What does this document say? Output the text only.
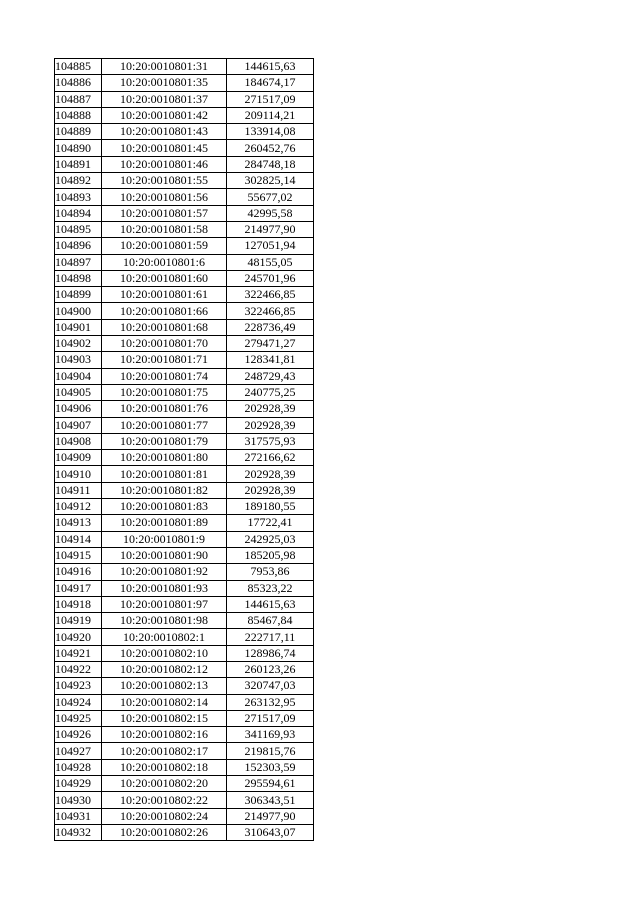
104885	10:20:0010801:31	144615,63
104886	10:20:0010801:35	184674,17
104887	10:20:0010801:37	271517,09
104888	10:20:0010801:42	209114,21
104889	10:20:0010801:43	133914,08
104890	10:20:0010801:45	260452,76
104891	10:20:0010801:46	284748,18
104892	10:20:0010801:55	302825,14
104893	10:20:0010801:56	55677,02
104894	10:20:0010801:57	42995,58
104895	10:20:0010801:58	214977,90
104896	10:20:0010801:59	127051,94
104897	10:20:0010801:6	48155,05
104898	10:20:0010801:60	245701,96
104899	10:20:0010801:61	322466,85
104900	10:20:0010801:66	322466,85
104901	10:20:0010801:68	228736,49
104902	10:20:0010801:70	279471,27
104903	10:20:0010801:71	128341,81
104904	10:20:0010801:74	248729,43
104905	10:20:0010801:75	240775,25
104906	10:20:0010801:76	202928,39
104907	10:20:0010801:77	202928,39
104908	10:20:0010801:79	317575,93
104909	10:20:0010801:80	272166,62
104910	10:20:0010801:81	202928,39
104911	10:20:0010801:82	202928,39
104912	10:20:0010801:83	189180,55
104913	10:20:0010801:89	17722,41
104914	10:20:0010801:9	242925,03
104915	10:20:0010801:90	185205,98
104916	10:20:0010801:92	7953,86
104917	10:20:0010801:93	85323,22
104918	10:20:0010801:97	144615,63
104919	10:20:0010801:98	85467,84
104920	10:20:0010802:1	222717,11
104921	10:20:0010802:10	128986,74
104922	10:20:0010802:12	260123,26
104923	10:20:0010802:13	320747,03
104924	10:20:0010802:14	263132,95
104925	10:20:0010802:15	271517,09
104926	10:20:0010802:16	341169,93
104927	10:20:0010802:17	219815,76
104928	10:20:0010802:18	152303,59
104929	10:20:0010802:20	295594,61
104930	10:20:0010802:22	306343,51
104931	10:20:0010802:24	214977,90
104932	10:20:0010802:26	310643,07
